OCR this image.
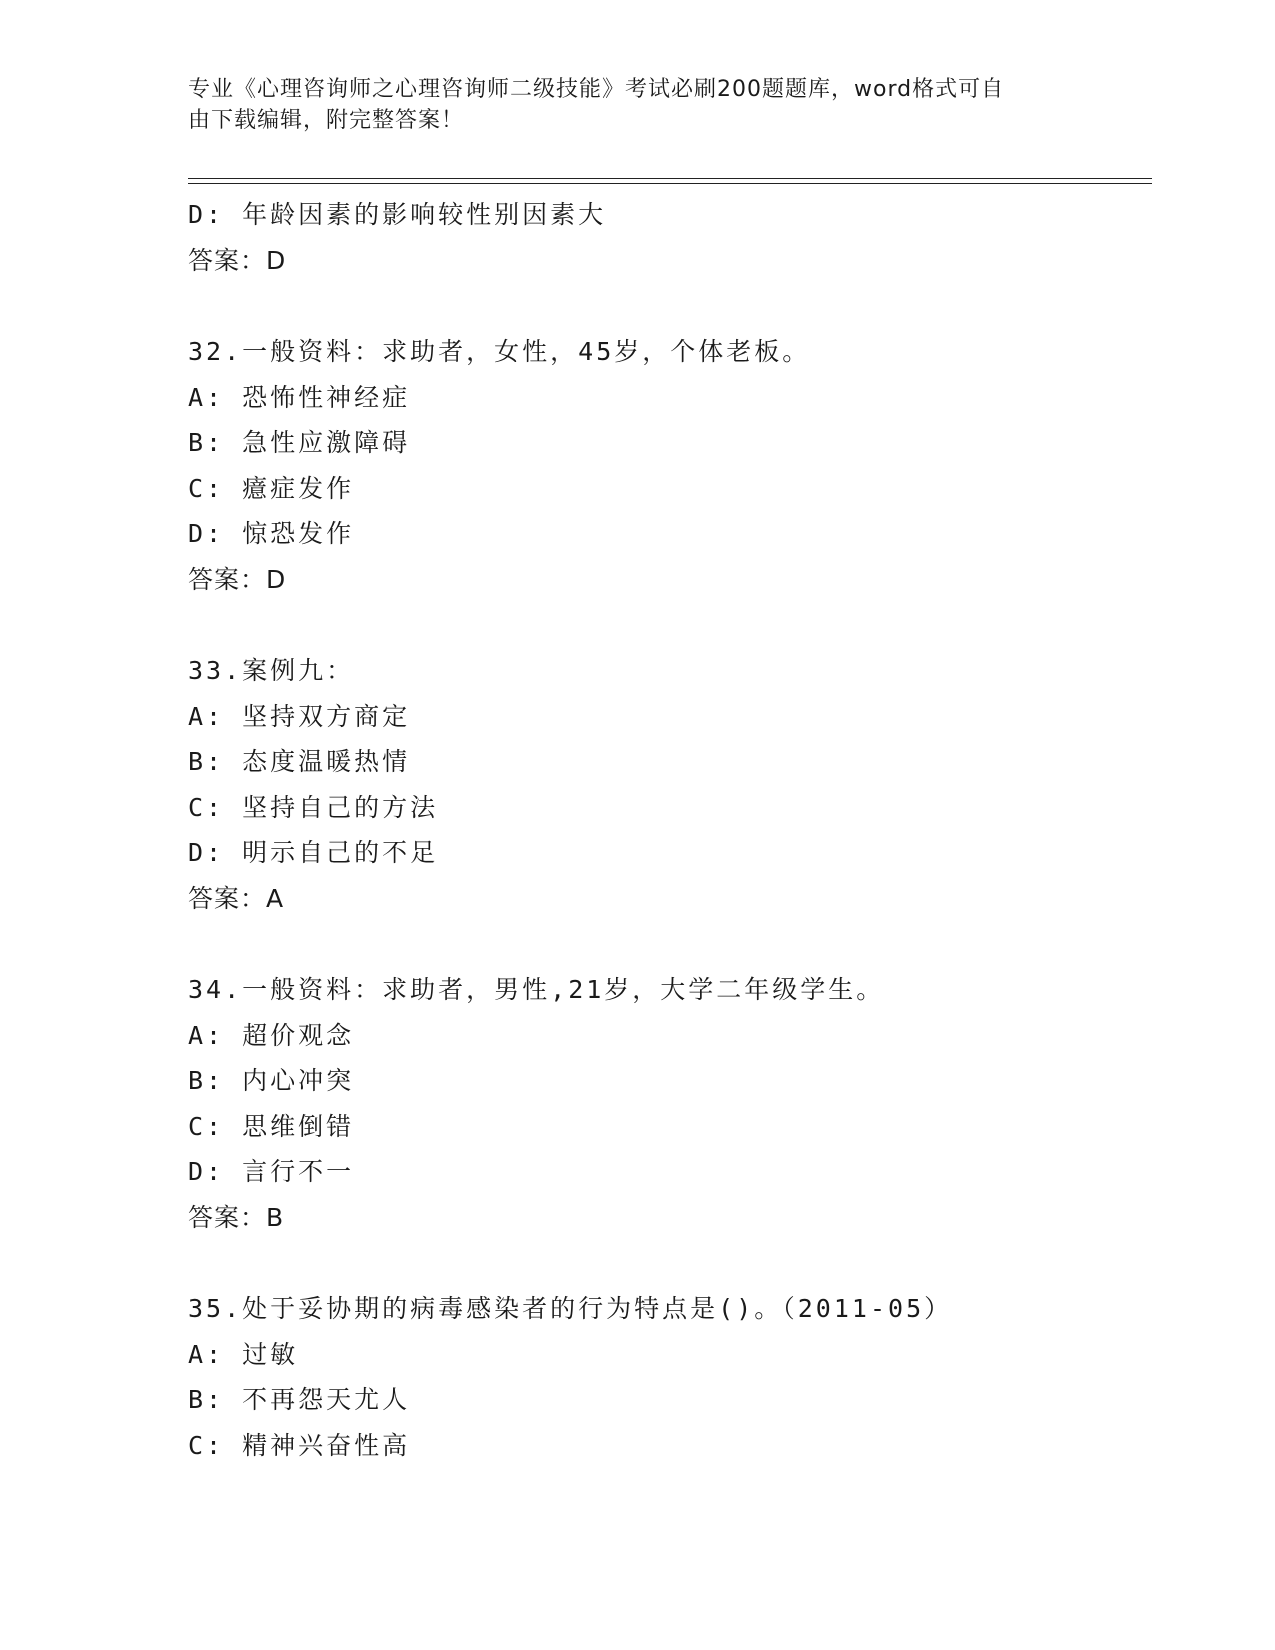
专业《心理咨询师之心理咨询师二级技能》考试必刷200题题库，word格式可自
由下载编辑，附完整答案！
D: 年龄因素的影响较性别因素大
答案：D
32.一般资料：求助者，女性，45岁，个体老板。
A: 恐怖性神经症
B: 急性应激障碍
C: 癔症发作
D: 惊恐发作
答案：D
33.案例九：
A: 坚持双方商定
B: 态度温暖热情
C: 坚持自己的方法
D: 明示自己的不足
答案：A
34.一般资料：求助者，男性,21岁，大学二年级学生。
A: 超价观念
B: 内心冲突
C: 思维倒错
D: 言行不一
答案：B
35.处于妥协期的病毒感染者的行为特点是()。（2011-05）
A: 过敏
B: 不再怨天尤人
C: 精神兴奋性高
